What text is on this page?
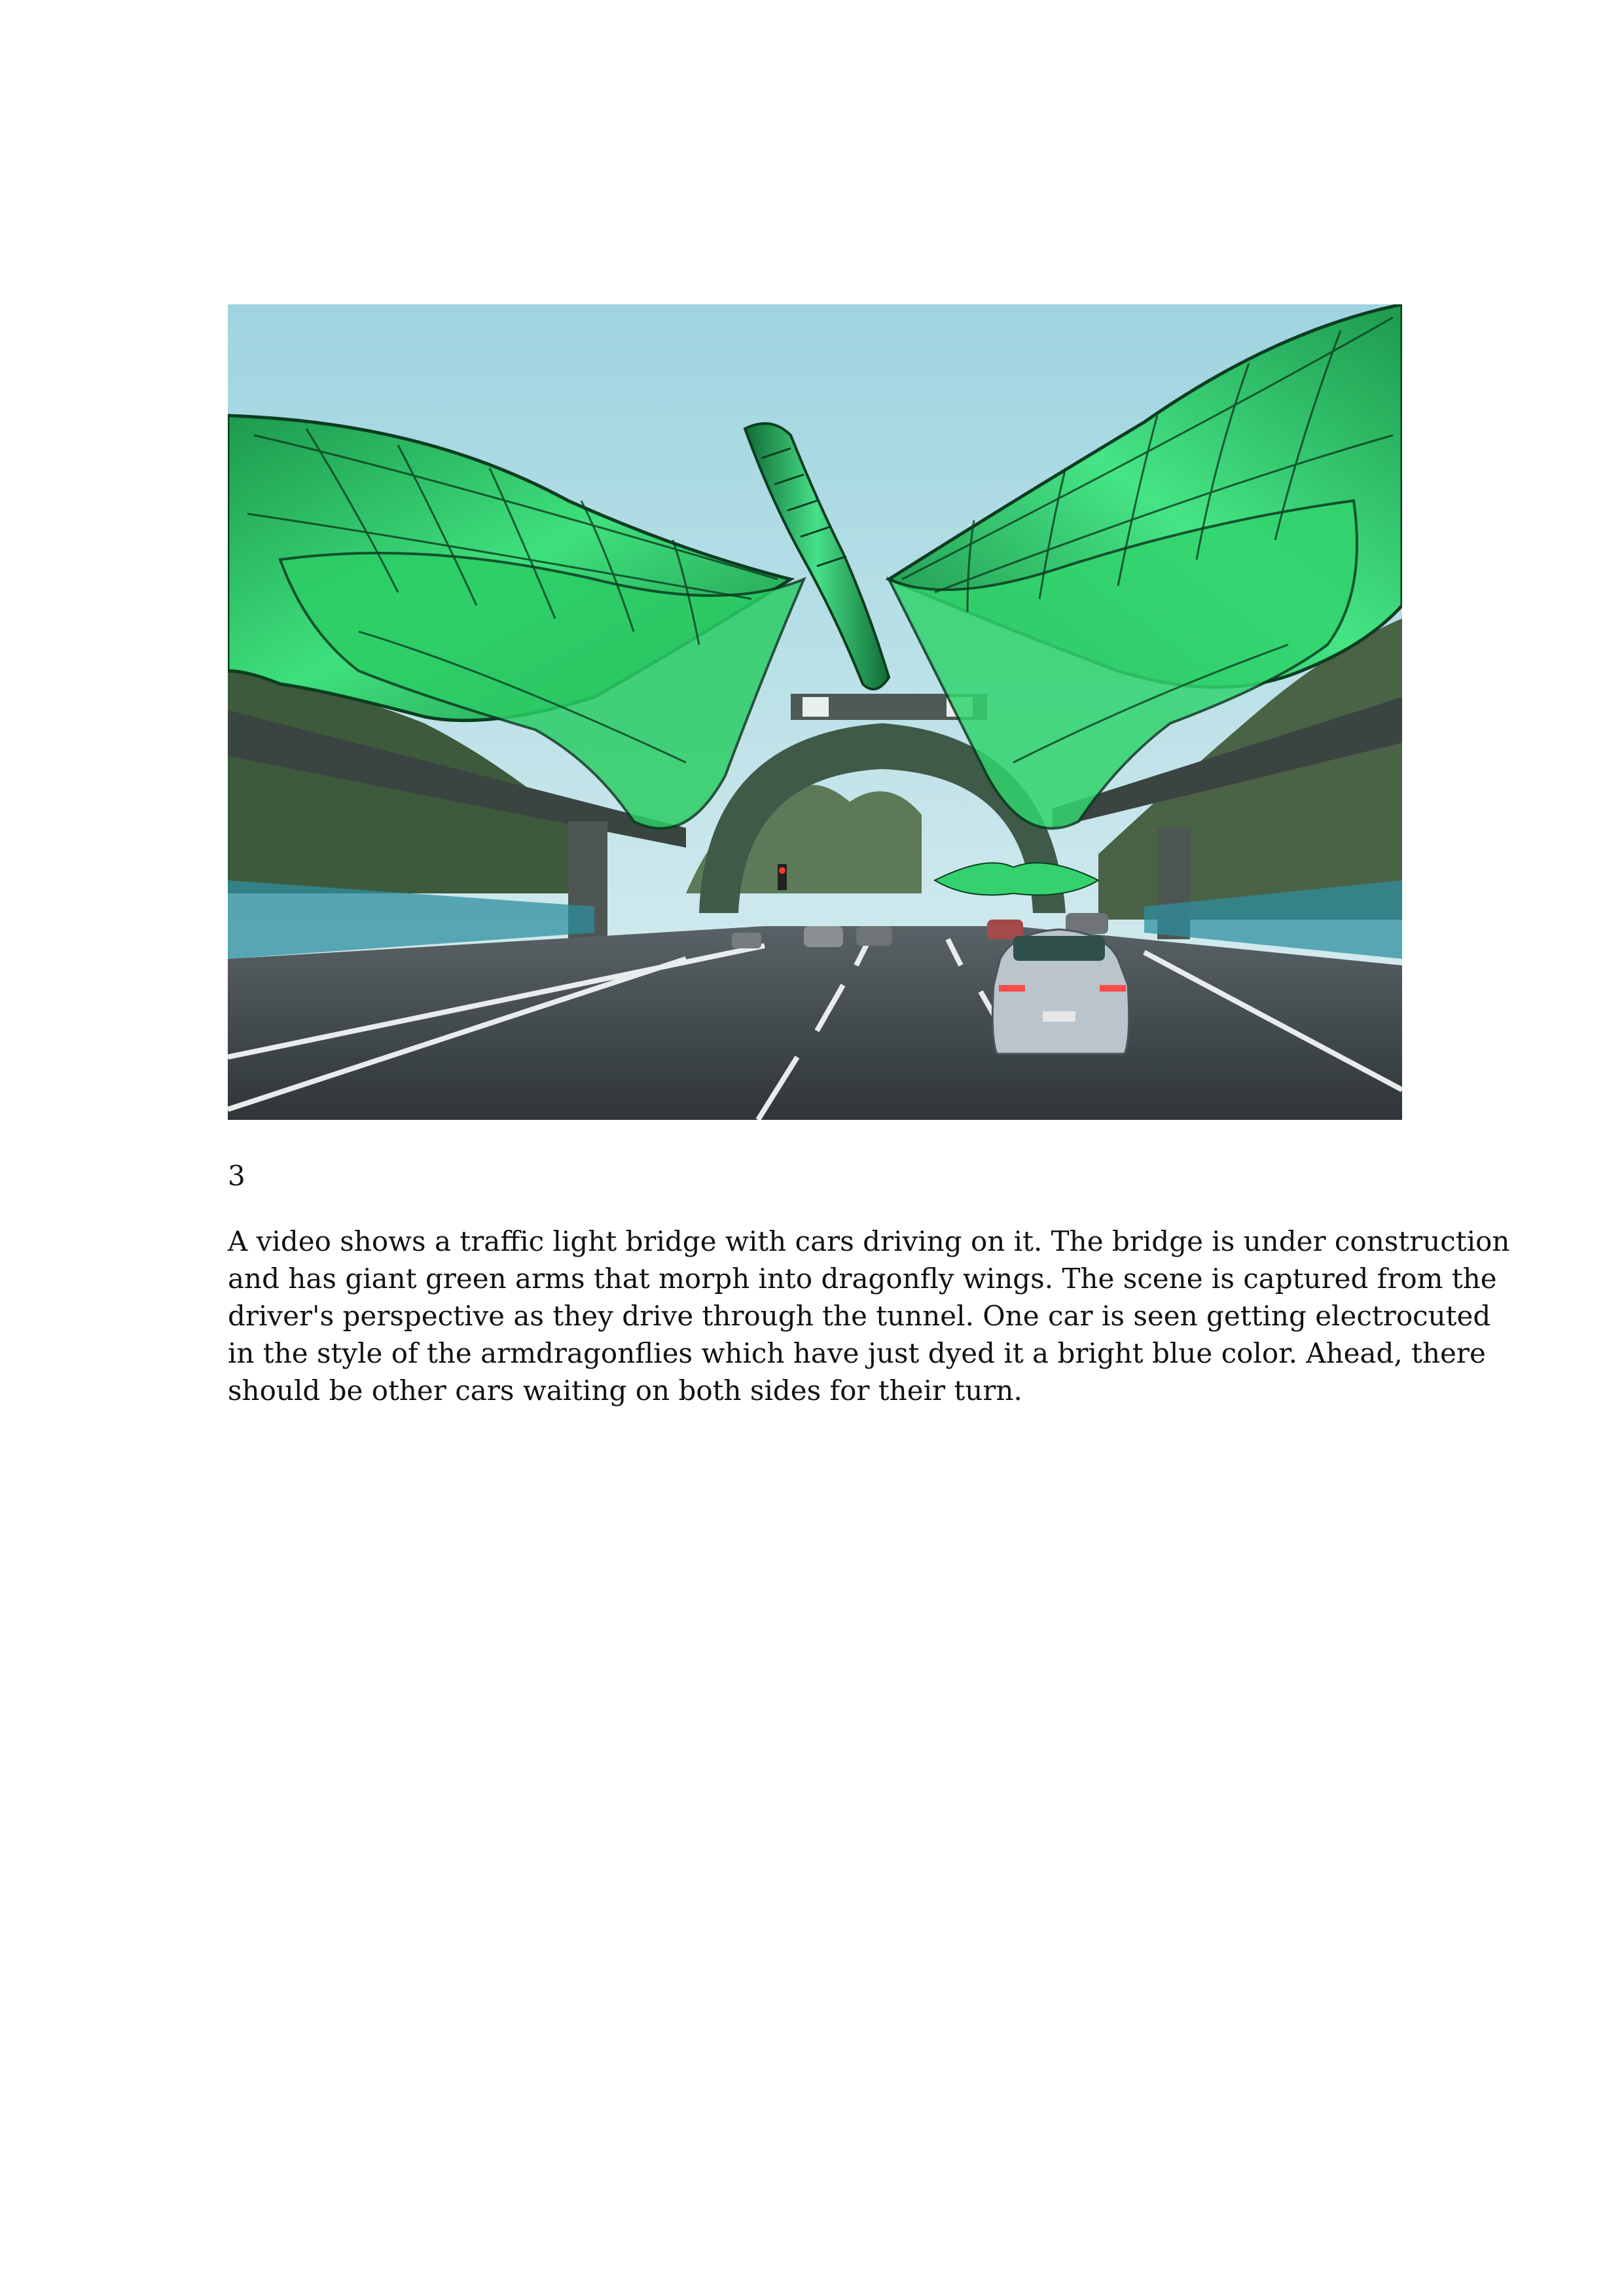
3

A video shows a traffic light bridge with cars driving on it. The bridge is under construction
and has giant green arms that morph into dragonfly wings. The scene is captured from the
driver's perspective as they drive through the tunnel. One car is seen getting electrocuted
in the style of the armdragonflies which have just dyed it a bright blue color. Ahead, there
should be other cars waiting on both sides for their turn.
